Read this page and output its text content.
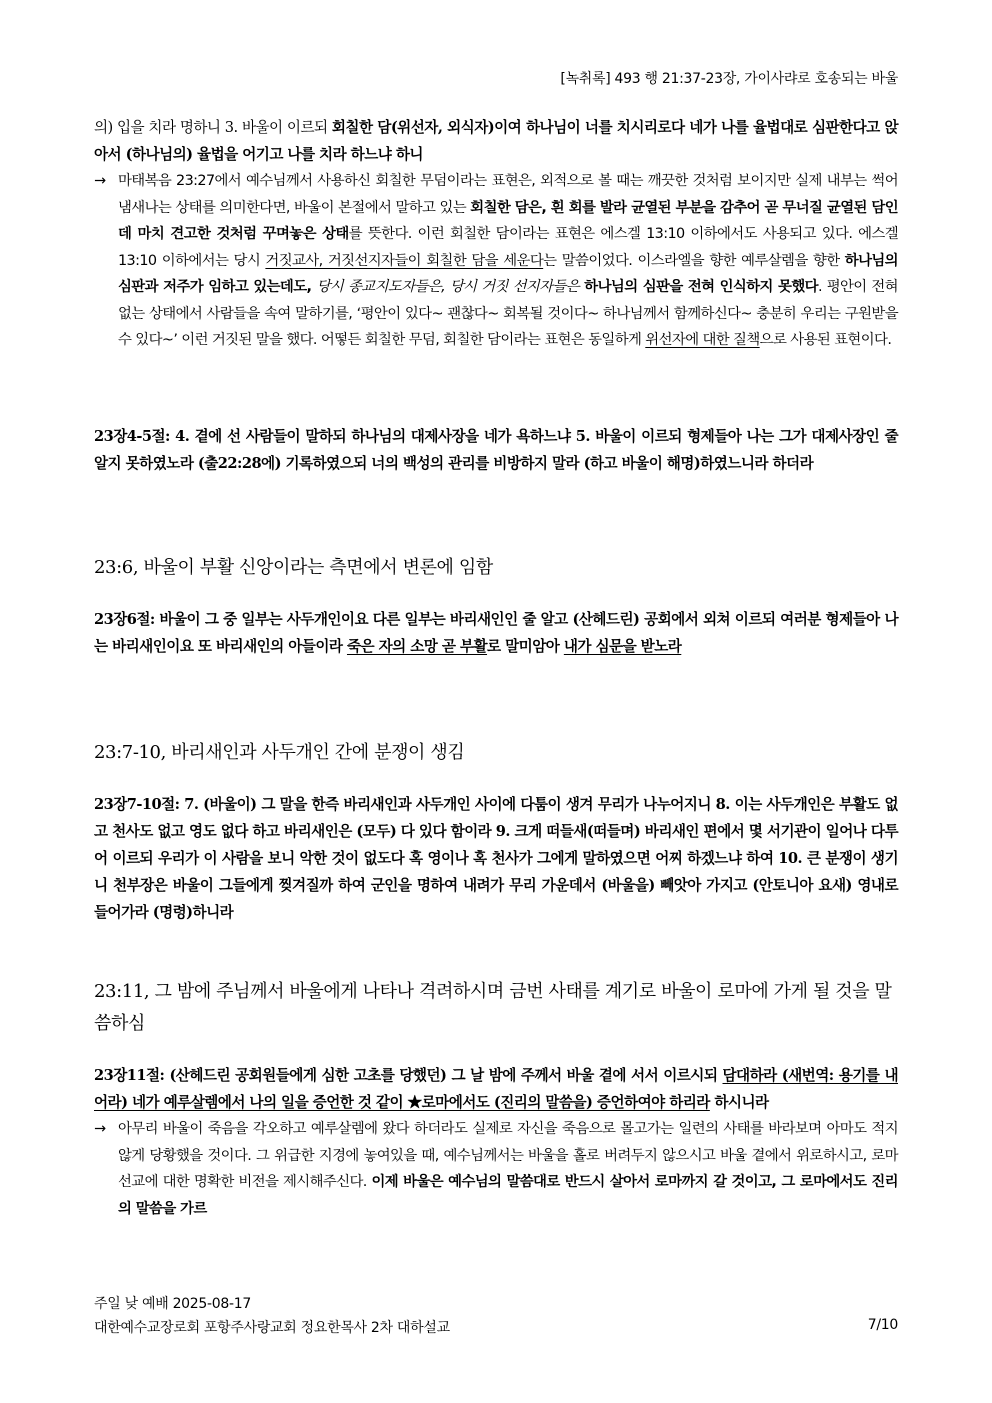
[녹취록] 493 행 21:37-23장, 가이사랴로 호송되는 바울

의) 입을 치라 명하니 3. 바울이 이르되 회칠한 담(위선자, 외식자)이여 하나님이 너를 치시리로다 네가 나를 율법대로 심판한다고 앉아서 (하나님의) 율법을 어기고 나를 치라 하느냐 하니

→ 마태복음 23:27에서 예수님께서 사용하신 회칠한 무덤이라는 표현은, 외적으로 볼 때는 깨끗한 것처럼 보이지만 실제 내부는 썩어 냄새나는 상태를 의미한다면, 바울이 본절에서 말하고 있는 회칠한 담은, 흰 회를 발라 균열된 부분을 감추어 곧 무너질 균열된 담인데 마치 견고한 것처럼 꾸며놓은 상태를 뜻한다. 이런 회칠한 담이라는 표현은 에스겔 13:10 이하에서도 사용되고 있다. 에스겔 13:10 이하에서는 당시 거짓교사, 거짓선지자들이 회칠한 담을 세운다는 말씀이었다. 이스라엘을 향한 예루살렘을 향한 하나님의 심판과 저주가 임하고 있는데도, 당시 종교지도자들은, 당시 거짓 선지자들은 하나님의 심판을 전혀 인식하지 못했다. 평안이 전혀 없는 상태에서 사람들을 속여 말하기를, ‘평안이 있다~ 괜찮다~ 회복될 것이다~ 하나님께서 함께하신다~ 충분히 우리는 구원받을 수 있다~’ 이런 거짓된 말을 했다. 어떻든 회칠한 무덤, 회칠한 담이라는 표현은 동일하게 위선자에 대한 질책으로 사용된 표현이다.

23장4-5절: 4. 곁에 선 사람들이 말하되 하나님의 대제사장을 네가 욕하느냐 5. 바울이 이르되 형제들아 나는 그가 대제사장인 줄 알지 못하였노라 (출22:28에) 기록하였으되 너의 백성의 관리를 비방하지 말라 (하고 바울이 해명)하였느니라 하더라

23:6, 바울이 부활 신앙이라는 측면에서 변론에 임함

23장6절: 바울이 그 중 일부는 사두개인이요 다른 일부는 바리새인인 줄 알고 (산헤드린) 공회에서 외쳐 이르되 여러분 형제들아 나는 바리새인이요 또 바리새인의 아들이라 죽은 자의 소망 곧 부활로 말미암아 내가 심문을 받노라

23:7-10, 바리새인과 사두개인 간에 분쟁이 생김

23장7-10절: 7. (바울이) 그 말을 한즉 바리새인과 사두개인 사이에 다툼이 생겨 무리가 나누어지니 8. 이는 사두개인은 부활도 없고 천사도 없고 영도 없다 하고 바리새인은 (모두) 다 있다 함이라 9. 크게 떠들새(떠들며) 바리새인 편에서 몇 서기관이 일어나 다투어 이르되 우리가 이 사람을 보니 악한 것이 없도다 혹 영이나 혹 천사가 그에게 말하였으면 어찌 하겠느냐 하여 10. 큰 분쟁이 생기니 천부장은 바울이 그들에게 찢겨질까 하여 군인을 명하여 내려가 무리 가운데서 (바울을) 빼앗아 가지고 (안토니아 요새) 영내로 들어가라 (명령)하니라

23:11, 그 밤에 주님께서 바울에게 나타나 격려하시며 금번 사태를 계기로 바울이 로마에 가게 될 것을 말씀하심

23장11절: (산헤드린 공회원들에게 심한 고초를 당했던) 그 날 밤에 주께서 바울 곁에 서서 이르시되 담대하라 (새번역: 용기를 내어라) 네가 예루살렘에서 나의 일을 증언한 것 같이 ★로마에서도 (진리의 말씀을) 증언하여야 하리라 하시니라

→ 아무리 바울이 죽음을 각오하고 예루살렘에 왔다 하더라도 실제로 자신을 죽음으로 몰고가는 일련의 사태를 바라보며 아마도 적지 않게 당황했을 것이다. 그 위급한 지경에 놓여있을 때, 예수님께서는 바울을 홀로 버려두지 않으시고 바울 곁에서 위로하시고, 로마 선교에 대한 명확한 비전을 제시해주신다. 이제 바울은 예수님의 말씀대로 반드시 살아서 로마까지 갈 것이고, 그 로마에서도 진리의 말씀을 가르
주일 낮 예배 2025-08-17
대한예수교장로회 포항주사랑교회 정요한목사 2차 대하설교	7/10
